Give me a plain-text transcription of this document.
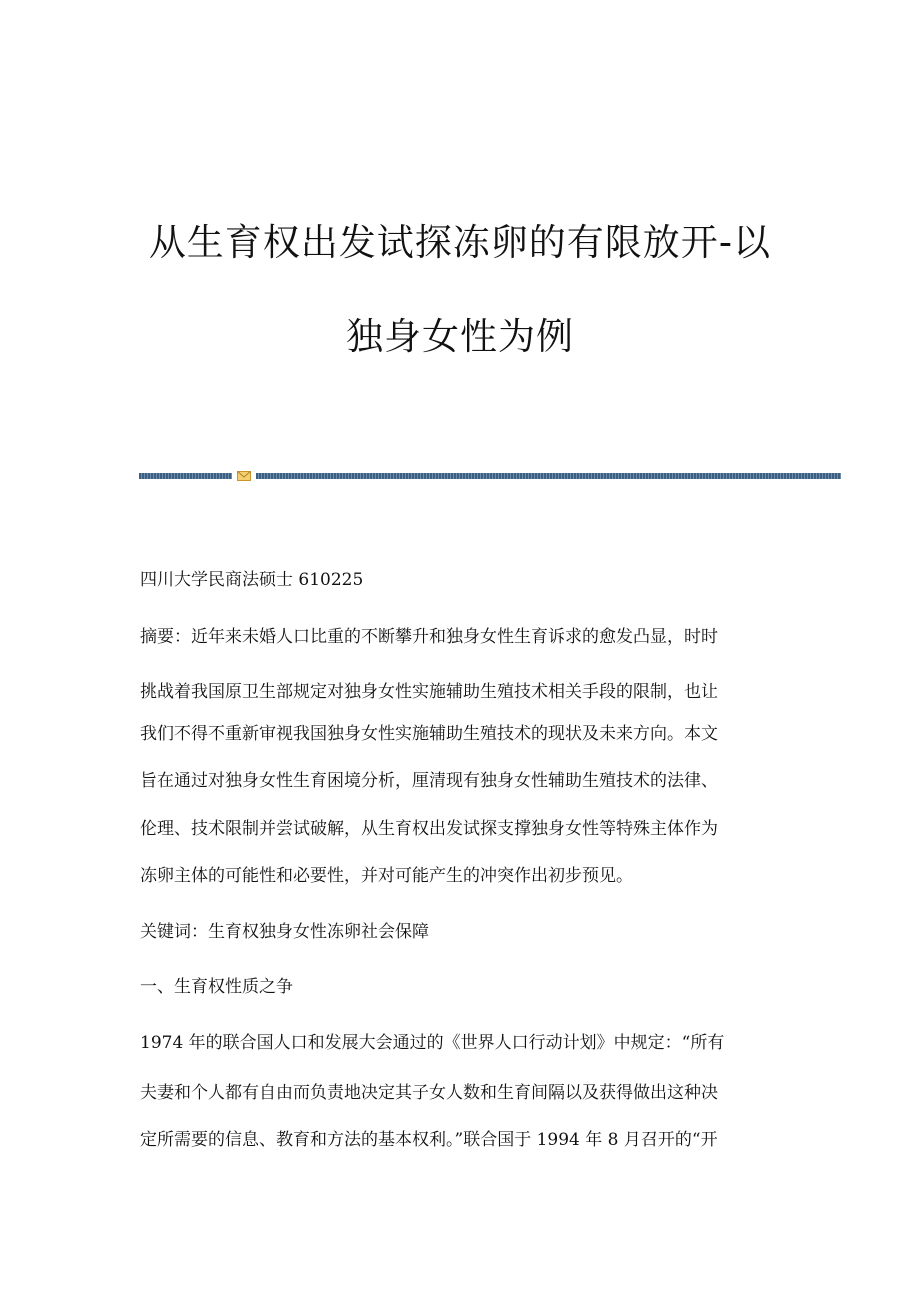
从生育权出发试探冻卵的有限放开-以
独身女性为例
四川大学民商法硕士 610225
摘要：近年来未婚人口比重的不断攀升和独身女性生育诉求的愈发凸显，时时
挑战着我国原卫生部规定对独身女性实施辅助生殖技术相关手段的限制，也让
我们不得不重新审视我国独身女性实施辅助生殖技术的现状及未来方向。本文
旨在通过对独身女性生育困境分析，厘清现有独身女性辅助生殖技术的法律、
伦理、技术限制并尝试破解，从生育权出发试探支撑独身女性等特殊主体作为
冻卵主体的可能性和必要性，并对可能产生的冲突作出初步预见。
关键词：生育权独身女性冻卵社会保障
一、生育权性质之争
1974 年的联合国人口和发展大会通过的《世界人口行动计划》中规定：“所有
夫妻和个人都有自由而负责地决定其子女人数和生育间隔以及获得做出这种决
定所需要的信息、教育和方法的基本权利。”联合国于 1994 年 8 月召开的“开
